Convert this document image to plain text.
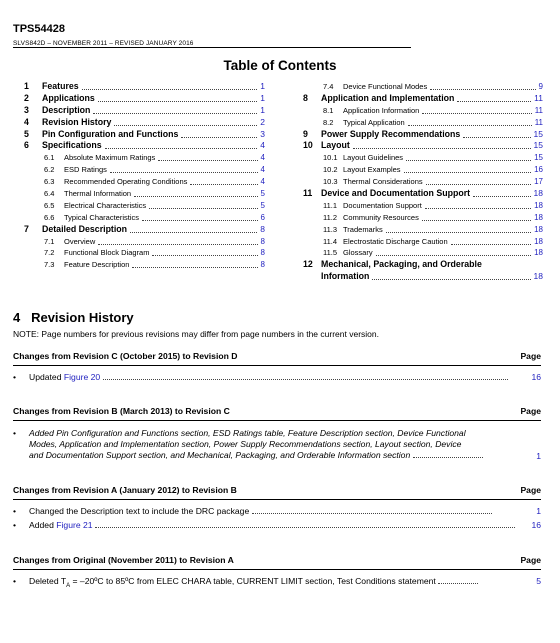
TPS54428
SLVS842D – NOVEMBER 2011 – REVISED JANUARY 2016
Table of Contents
1 Features	1
2 Applications	1
3 Description	1
4 Revision History	2
5 Pin Configuration and Functions	3
6 Specifications	4
6.1 Absolute Maximum Ratings	4
6.2 ESD Ratings	4
6.3 Recommended Operating Conditions	4
6.4 Thermal Information	5
6.5 Electrical Characteristics	5
6.6 Typical Characteristics	6
7 Detailed Description	8
7.1 Overview	8
7.2 Functional Block Diagram	8
7.3 Feature Description	8
7.4 Device Functional Modes	9
8 Application and Implementation	11
8.1 Application Information	11
8.2 Typical Application	11
9 Power Supply Recommendations	15
10 Layout	15
10.1 Layout Guidelines	15
10.2 Layout Examples	16
10.3 Thermal Considerations	17
11 Device and Documentation Support	18
11.1 Documentation Support	18
11.2 Community Resources	18
11.3 Trademarks	18
11.4 Electrostatic Discharge Caution	18
11.5 Glossary	18
12 Mechanical, Packaging, and Orderable
Information	18
4 Revision History
NOTE: Page numbers for previous revisions may differ from page numbers in the current version.
Changes from Revision C (October 2015) to Revision D	Page
• Updated Figure 20	16
Changes from Revision B (March 2013) to Revision C	Page
• Added Pin Configuration and Functions section, ESD Ratings table, Feature Description section, Device Functional
Modes, Application and Implementation section, Power Supply Recommendations section, Layout section, Device
and Documentation Support section, and Mechanical, Packaging, and Orderable Information section	1
Changes from Revision A (January 2012) to Revision B	Page
• Changed the Description text to include the DRC package	1
• Added Figure 21	16
Changes from Original (November 2011) to Revision A	Page
• Deleted $T_A$ = –20ºC to 85ºC from ELEC CHARA table, CURRENT LIMIT section, Test Conditions statement	5
